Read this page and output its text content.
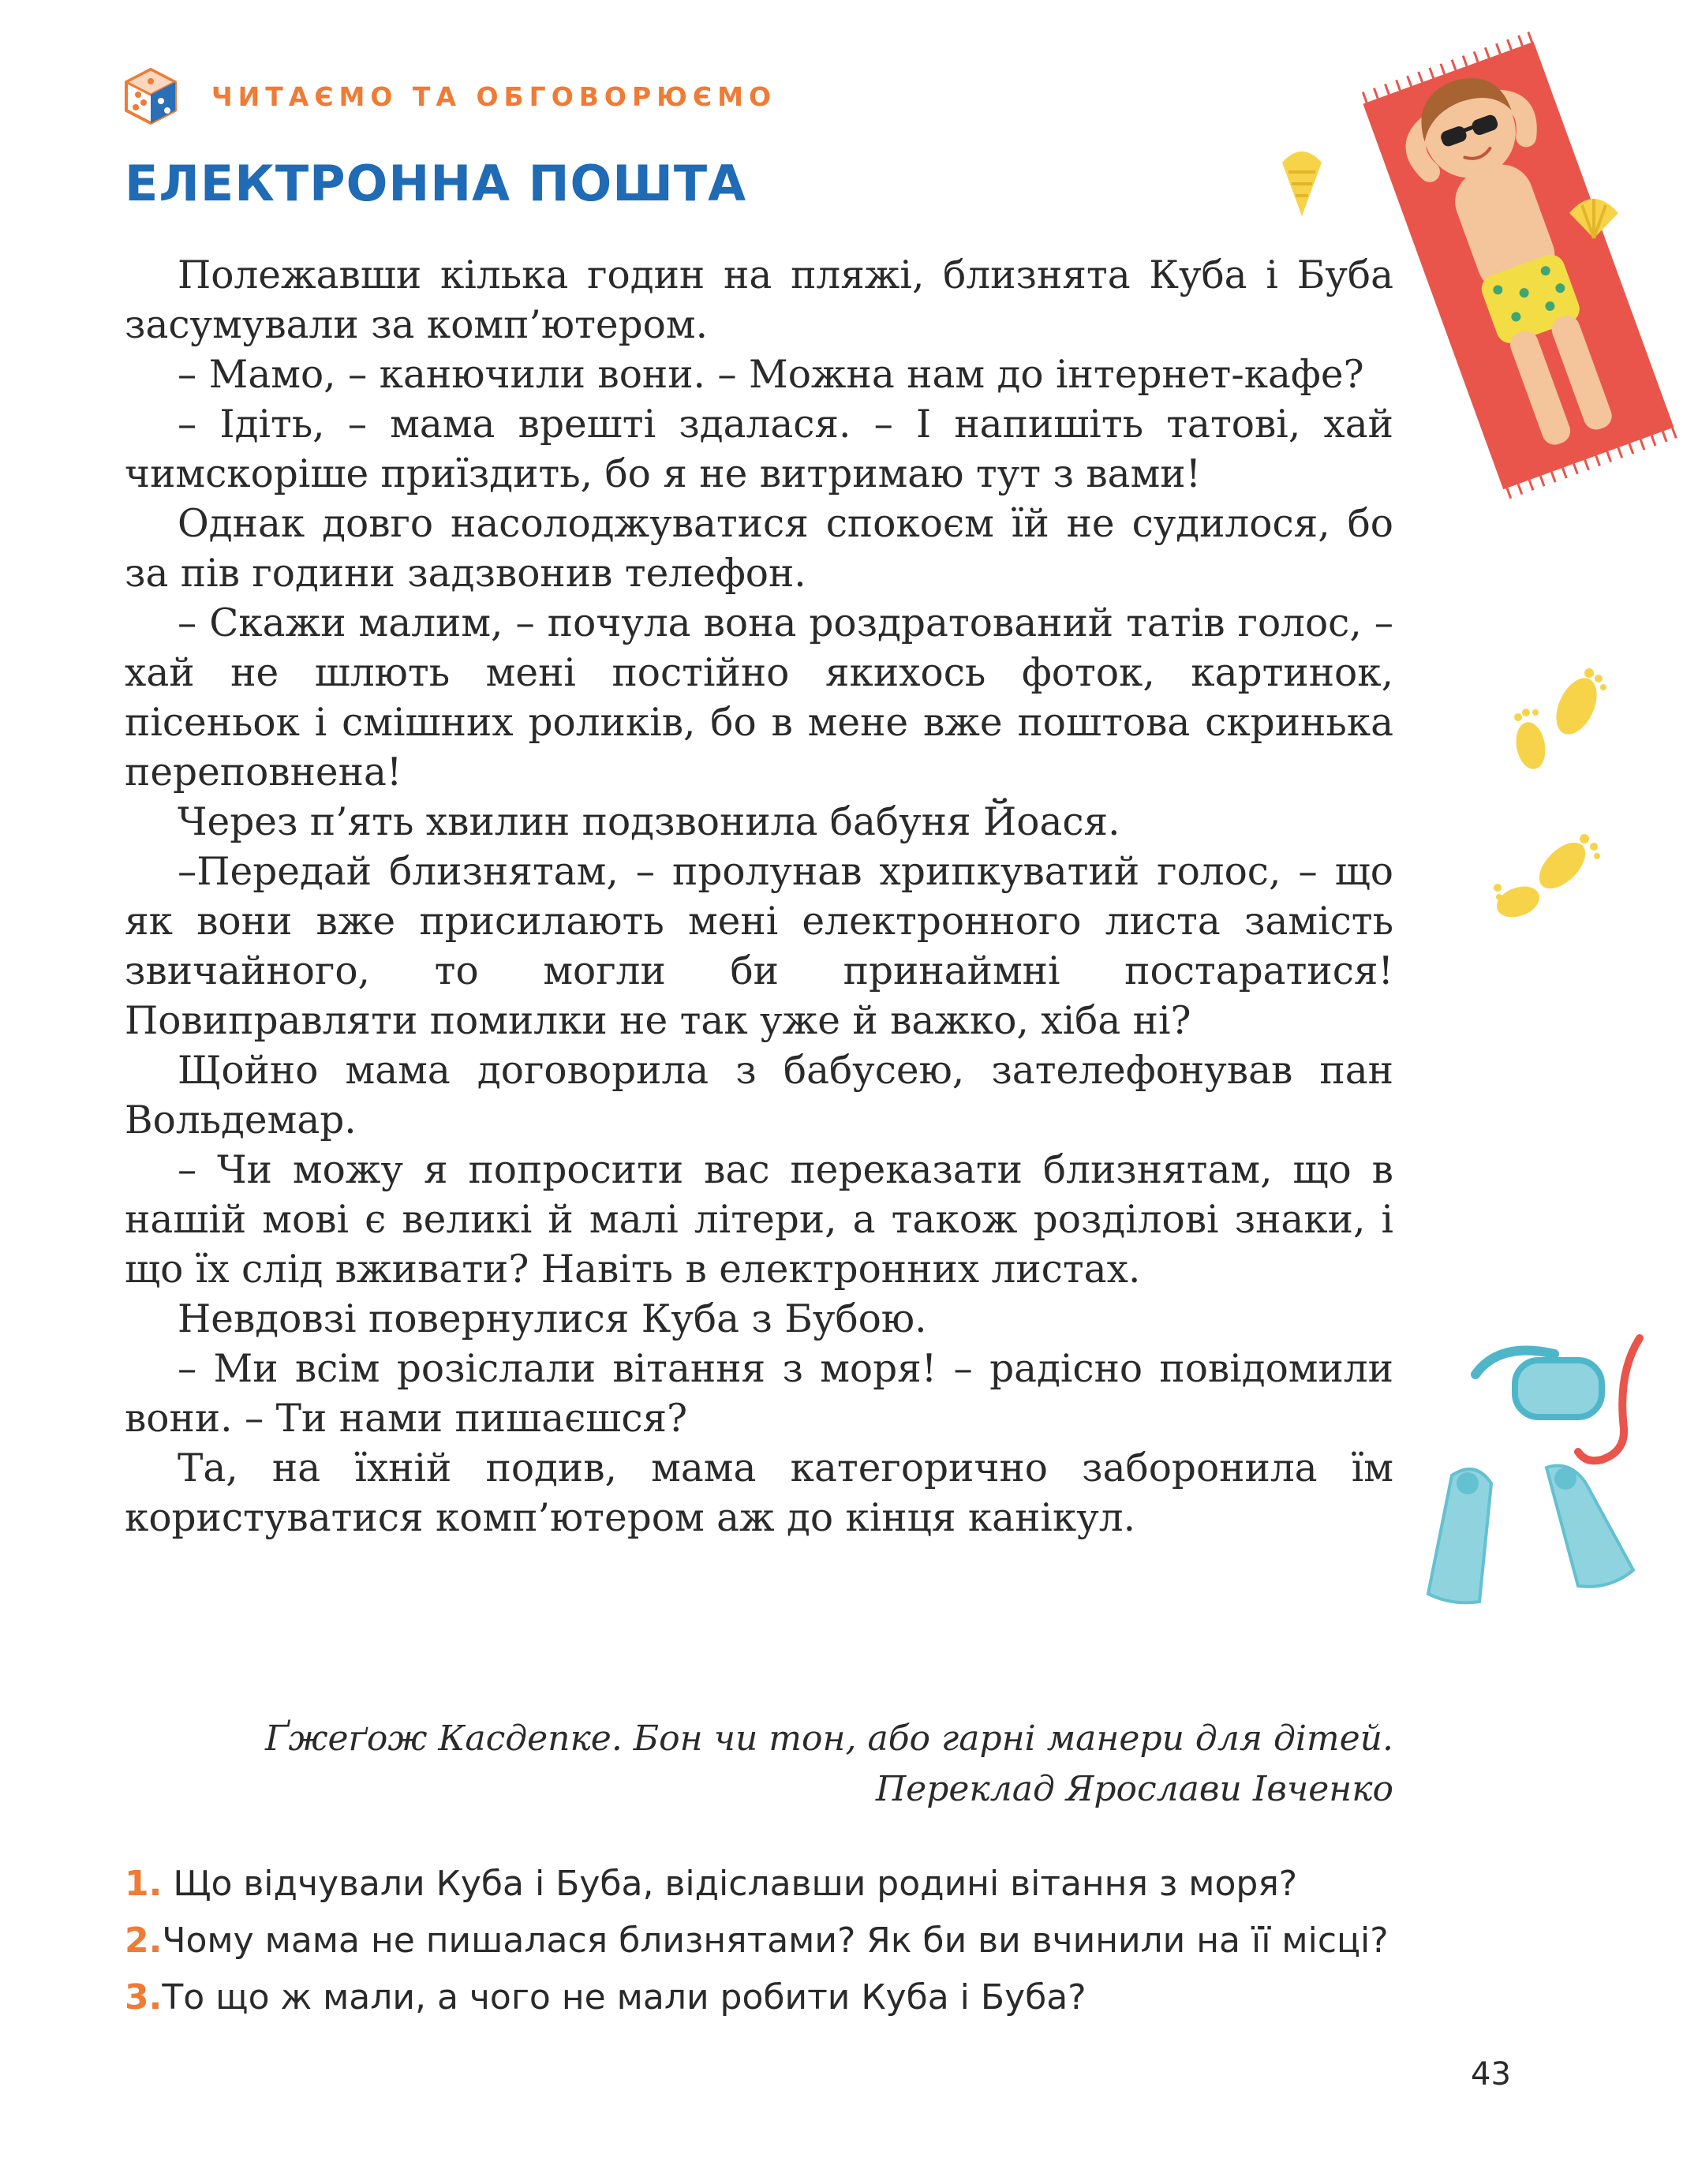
ЧИТАЄМО ТА ОБГОВОРЮЄМО
ЕЛЕКТРОННА ПОШТА

Полежавши кілька годин на пляжі, близнята Куба і Буба засумували за комп’ютером.

– Мамо, – канючили вони. – Можна нам до інтернет-кафе?

– Ідіть, – мама врешті здалася. – І напишіть татові, хай чимскоріше приїздить, бо я не витримаю тут з вами!

Однак довго насолоджуватися спокоєм їй не судилося, бо за пів години задзвонив телефон.

– Скажи малим, – почула вона роздратований татів голос, – хай не шлють мені постійно якихось фоток, картинок, пісеньок і смішних роликів, бо в мене вже поштова скринька переповнена!

Через п’ять хвилин подзвонила бабуня Йоася.

–Передай близнятам, – пролунав хрипкуватий голос, – що як вони вже присилають мені електронного листа замість звичайного, то могли би принаймні постаратися! Повиправляти помилки не так уже й важко, хіба ні?

Щойно мама договорила з бабусею, зателефонував пан Вольдемар.

– Чи можу я попросити вас переказати близнятам, що в нашій мові є великі й малі літери, а також розділові знаки, і що їх слід вживати? Навіть в електронних листах.

Невдовзі повернулися Куба з Бубою.

– Ми всім розіслали вітання з моря! – радісно повідомили вони. – Ти нами пишаєшся?

Та, на їхній подив, мама категорично заборонила їм користуватися комп’ютером аж до кінця канікул.

Ґжеґож Касдепке. Бон чи тон, або гарні манери для дітей.
Переклад Ярослави Івченко
1. Що відчували Куба і Буба, відіславши родині вітання з моря?
2.Чому мама не пишалася близнятами? Як би ви вчинили на її місці?
3.То що ж мали, а чого не мали робити Куба і Буба?
43
